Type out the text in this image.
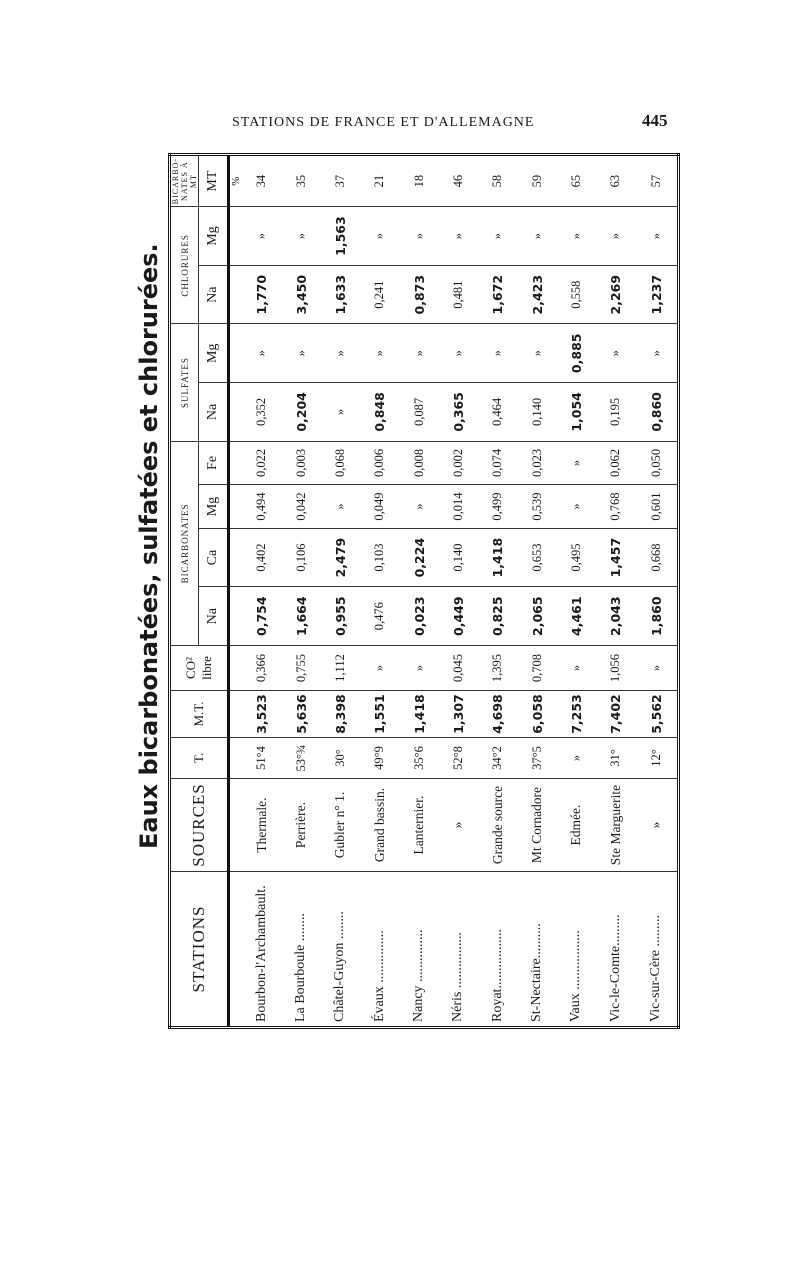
STATIONS DE FRANCE ET D'ALLEMAGNE	445
Eaux bicarbonatées, sulfatées et chlorurées.
STATIONS	SOURCES	T.	M.T.	CO² libre	BICARBONATES				SULFATES		CHLORURES		BICARBO-NATES À MT
					Na	Ca	Mg	Fe	Na	Mg	Na	Mg	MT
													%
Bourbon-l'Archambault.	Thermale.	51°4	3,523	0,366	0,754	0,402	0,494	0,022	0,352	»	1,770	»	34
La Bourboule ........	Perrière.	53°¾	5,636	0,755	1,664	0,106	0,042	0,003	0,204	»	3,450	»	35
Châtel-Guyon ........	Gubler n° 1.	30°	8,398	1,112	0,955	2,479	»	0,068	»	»	1,633	1,563	37
Évaux ...............	Grand bassin.	49°9	1,551	»	0,476	0,103	0,049	0,006	0,848	»	0,241	»	21
Nancy ...............	Lanternier.	35°6	1,418	»	0,023	0,224	»	0,008	0,087	»	0,873	»	18
Néris ................	»	52°8	1,307	0,045	0,449	0,140	0,014	0,002	0,365	»	0,481	»	46
Royat.................	Grande source	34°2	4,698	1,395	0,825	1,418	0,499	0,074	0,464	»	1,672	»	58
St-Nectaire..........	Mt Cornadore	37°5	6,058	0,708	2,065	0,653	0,539	0,023	0,140	»	2,423	»	59
Vaux .................	Edmée.	»	7,253	»	4,461	0,495	»	»	1,054	0,885	0,558	»	65
Vic-le-Comte.........	Ste Marguerite	31°	7,402	1,056	2,043	1,457	0,768	0,062	0,195	»	2,269	»	63
Vic-sur-Cère .........	»	12°	5,562	»	1,860	0,668	0,601	0,050	0,860	»	1,237	»	57
